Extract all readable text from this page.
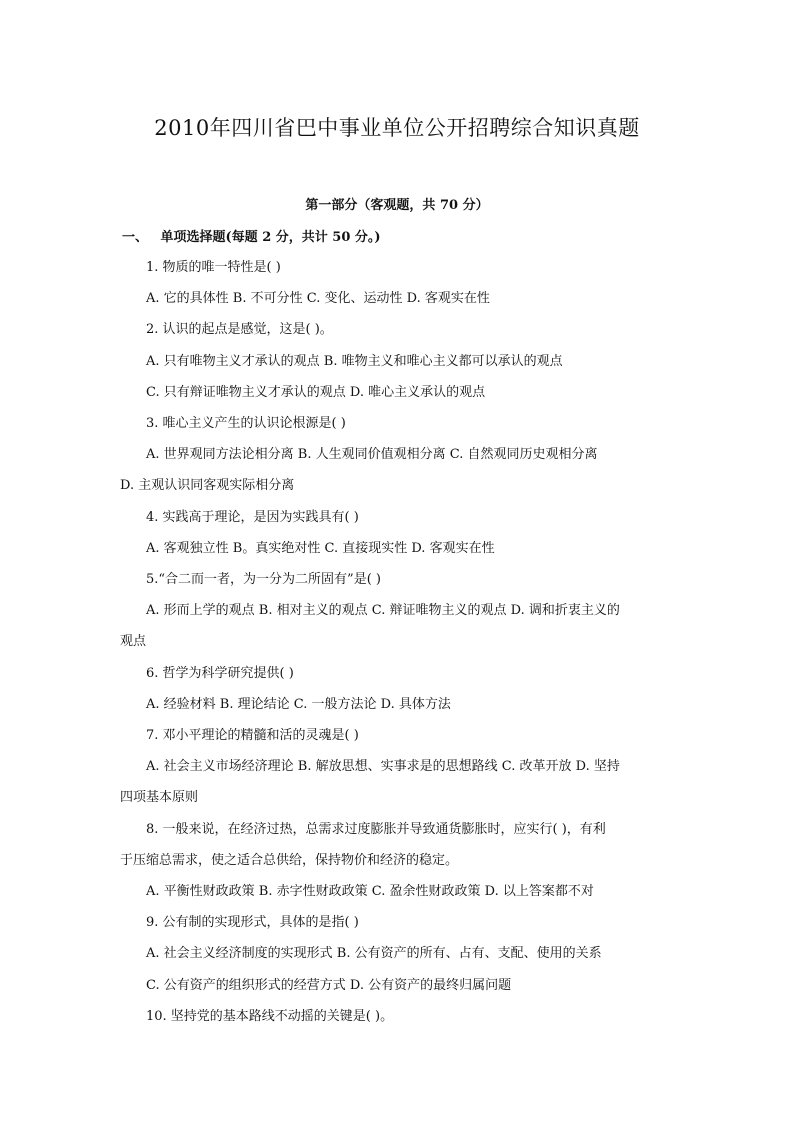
2010年四川省巴中事业单位公开招聘综合知识真题
第一部分（客观题，共 70 分）
一、 单项选择题(每题 2 分，共计 50 分。)
1. 物质的唯一特性是( )
A. 它的具体性 B. 不可分性 C. 变化、运动性 D. 客观实在性
2. 认识的起点是感觉，这是( )。
A. 只有唯物主义才承认的观点 B. 唯物主义和唯心主义都可以承认的观点
C. 只有辩证唯物主义才承认的观点 D. 唯心主义承认的观点
3. 唯心主义产生的认识论根源是( )
A. 世界观同方法论相分离 B. 人生观同价值观相分离 C. 自然观同历史观相分离
D. 主观认识同客观实际相分离
4. 实践高于理论，是因为实践具有( )
A. 客观独立性 B。真实绝对性 C. 直接现实性 D. 客观实在性
5.“合二而一者，为一分为二所固有”是( )
A. 形而上学的观点 B. 相对主义的观点 C. 辩证唯物主义的观点 D. 调和折衷主义的
观点
6. 哲学为科学研究提供( )
A. 经验材料 B. 理论结论 C. 一般方法论 D. 具体方法
7. 邓小平理论的精髓和活的灵魂是( )
A. 社会主义市场经济理论 B. 解放思想、实事求是的思想路线 C. 改革开放 D. 坚持
四项基本原则
8. 一般来说，在经济过热，总需求过度膨胀并导致通货膨胀时，应实行( )，有利
于压缩总需求，使之适合总供给，保持物价和经济的稳定。
A. 平衡性财政政策 B. 赤字性财政政策 C. 盈余性财政政策 D. 以上答案都不对
9. 公有制的实现形式，具体的是指( )
A. 社会主义经济制度的实现形式 B. 公有资产的所有、占有、支配、使用的关系
C. 公有资产的组织形式的经营方式 D. 公有资产的最终归属问题
10. 坚持党的基本路线不动摇的关键是( )。
